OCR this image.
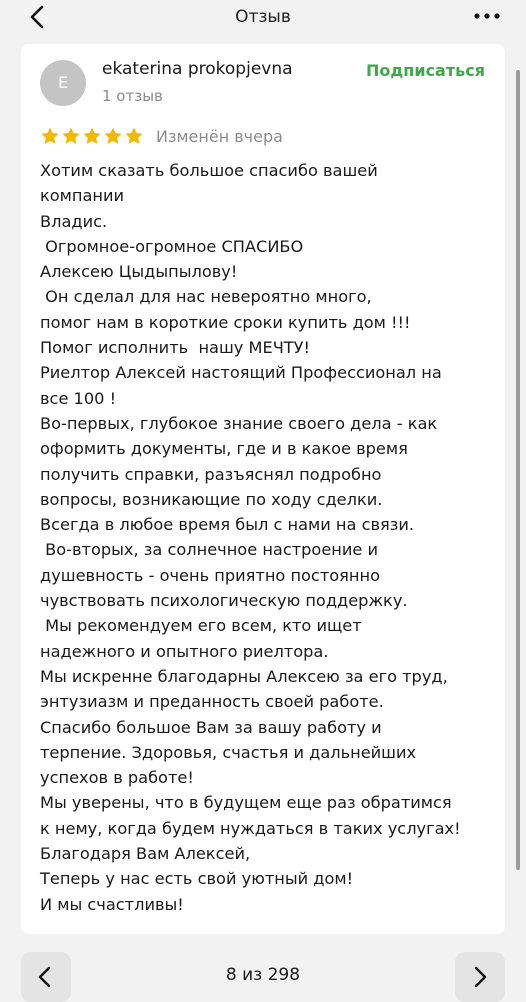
Отзыв
E
ekaterina prokopjevna
1 отзыв
Подписаться
Изменён вчера
Хотим сказать большое спасибо вашей
компании
Владис.
Огромное-огромное СПАСИБО
Алексею Цыдыпылову!
Он сделал для нас невероятно много,
помог нам в короткие сроки купить дом !!!
Помог исполнить  нашу МЕЧТУ!
Риелтор Алексей настоящий Профессионал на
все 100 !
Во-первых, глубокое знание своего дела - как
оформить документы, где и в какое время
получить справки, разъяснял подробно
вопросы, возникающие по ходу сделки.
Всегда в любое время был с нами на связи.
Во-вторых, за солнечное настроение и
душевность - очень приятно постоянно
чувствовать психологическую поддержку.
Мы рекомендуем его всем, кто ищет
надежного и опытного риелтора.
Мы искренне благодарны Алексею за его труд,
энтузиазм и преданность своей работе.
Спасибо большое Вам за вашу работу и
терпение. Здоровья, счастья и дальнейших
успехов в работе!
Мы уверены, что в будущем еще раз обратимся
к нему, когда будем нуждаться в таких услугах!
Благодаря Вам Алексей,
Теперь у нас есть свой уютный дом!
И мы счастливы!
8 из 298
